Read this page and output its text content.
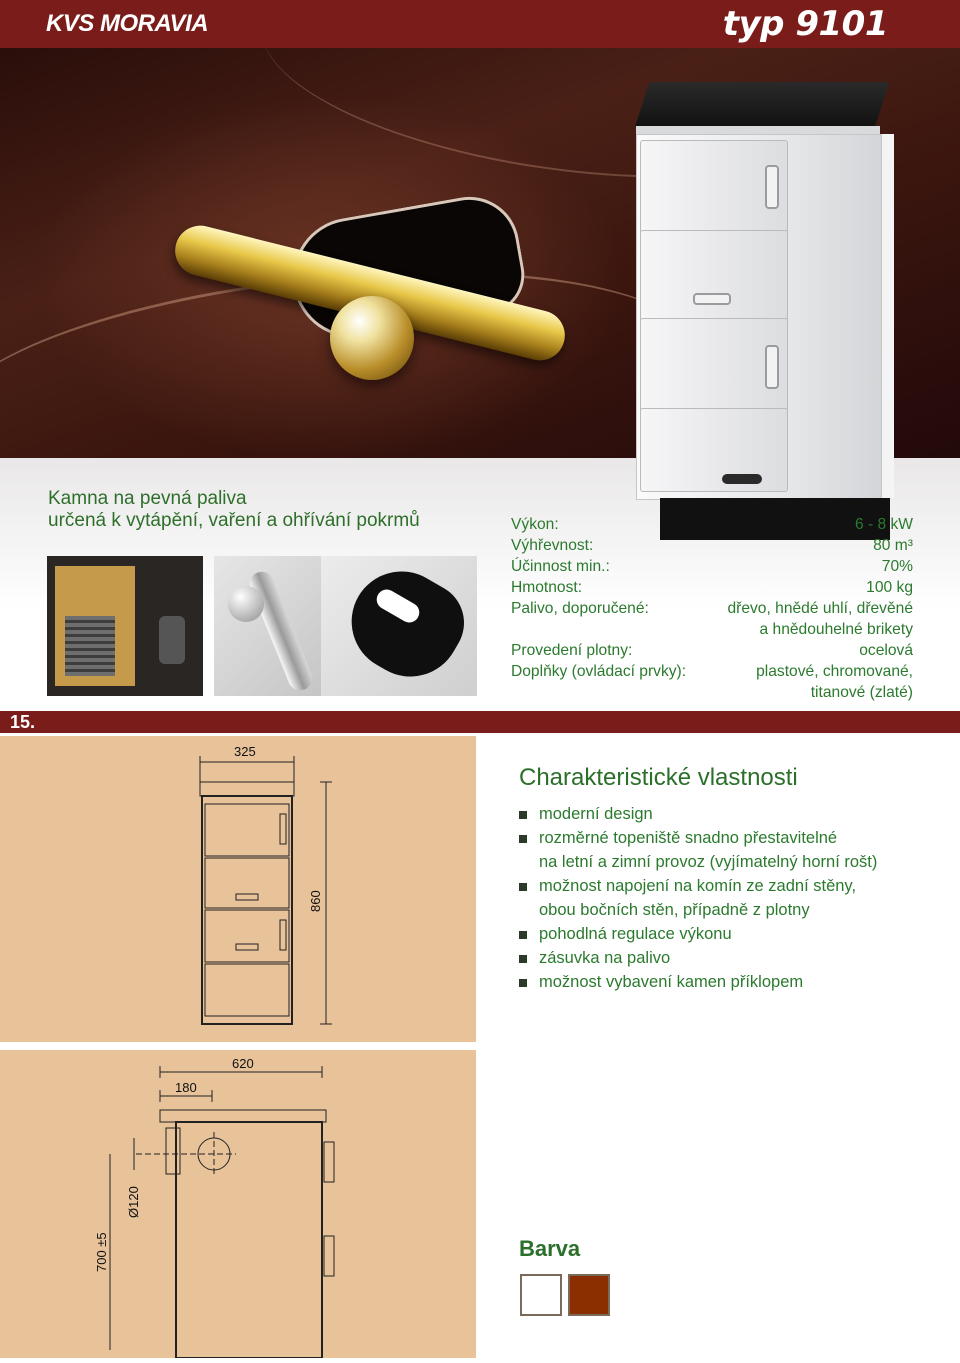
KVS MORAVIA	typ 9101
Kamna na pevná paliva
určená k vytápění, vaření a ohřívání pokrmů	Výkon:	6 - 8 kW
Výhřevnost:	80 m³
Účinnost min.:	70%
Hmotnost:	100 kg
Palivo, doporučené:	dřevo, hnědé uhlí, dřevěné
a hnědouhelné brikety
Provedení plotny:	ocelová
Doplňky (ovládací prvky):	plastové, chromované,
titanové (zlaté)
15.
325
860
Charakteristické vlastnosti
moderní design
rozměrné topeniště snadno přestavitelné
na letní a zimní provoz (vyjímatelný horní rošt)
možnost napojení na komín ze zadní stěny,
obou bočních stěn, případně z plotny
pohodlná regulace výkonu
zásuvka na palivo
možnost vybavení kamen příklopem
620
180
Ø120
700 ±5	Barva
